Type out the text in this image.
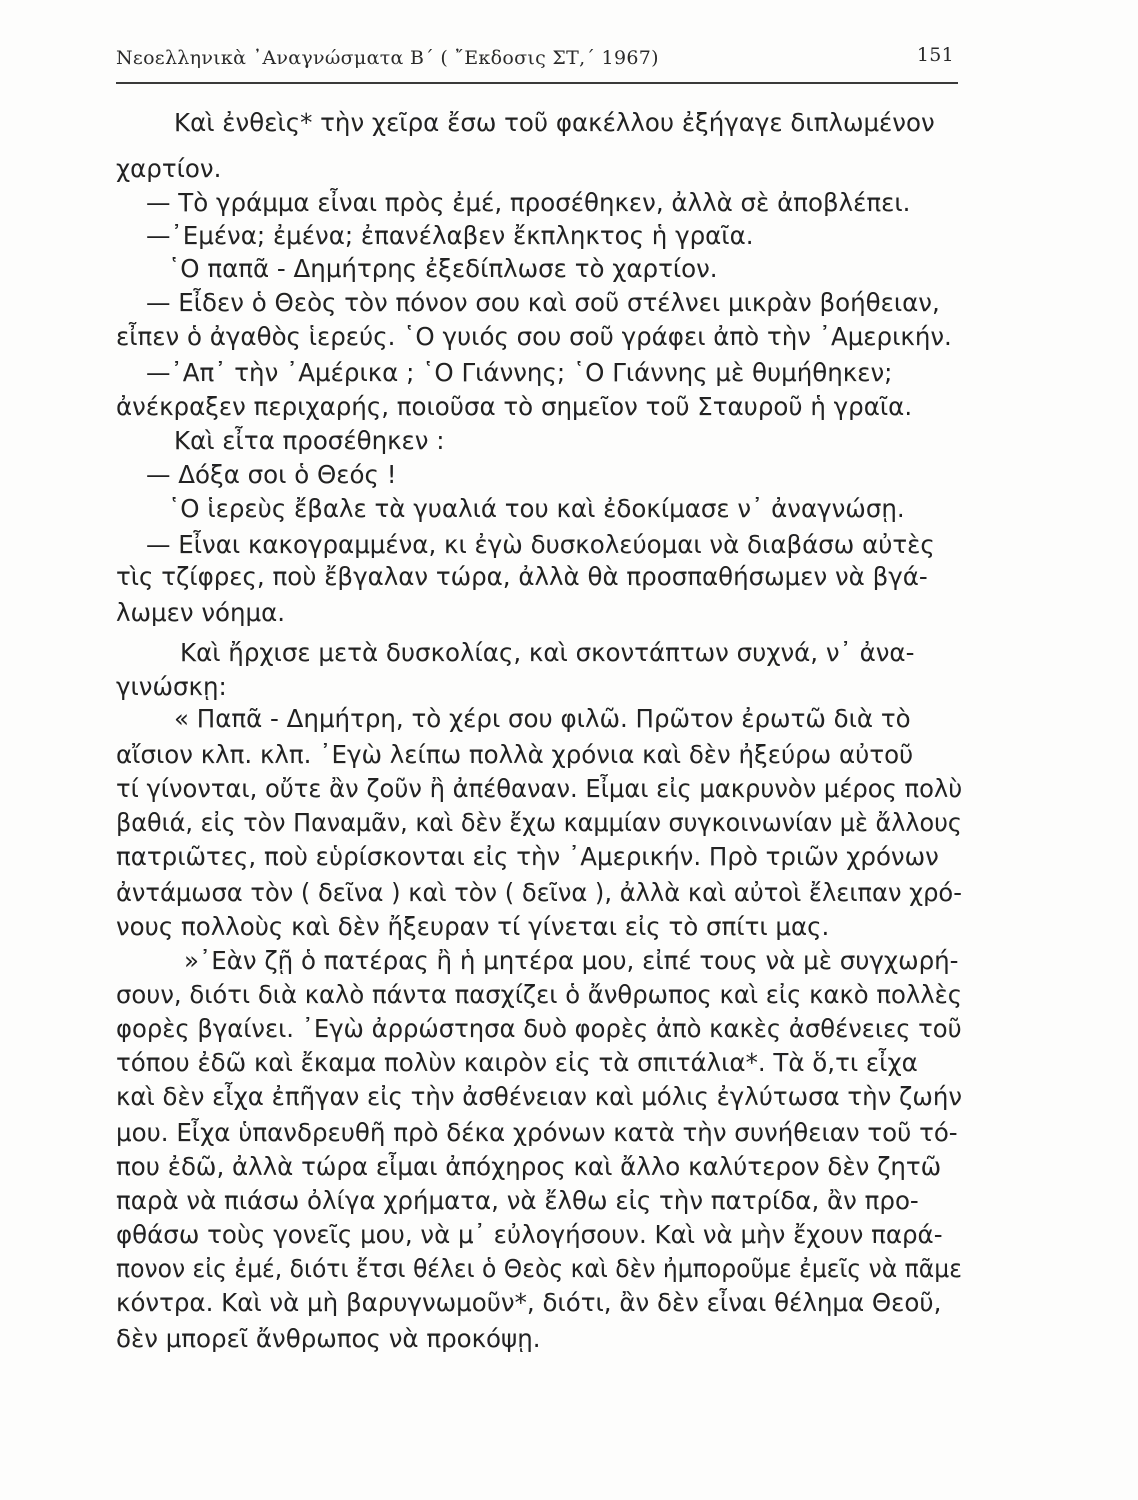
Νεοελληνικὰ ᾿Αναγνώσματα Β΄ ( ῎Εκδοσις ΣΤ,΄ 1967)	151
Καὶ ἐνθεὶς* τὴν χεῖρα ἔσω τοῦ φακέλλου ἐξήγαγε διπλωμένον
χαρτίον.
— Τὸ γράμμα εἶναι πρὸς ἐμέ, προσέθηκεν, ἀλλὰ σὲ ἀποβλέπει.
—᾿Εμένα; ἐμένα; ἐπανέλαβεν ἔκπληκτος ἡ γραῖα.
῾Ο παπᾶ - Δημήτρης ἐξεδίπλωσε τὸ χαρτίον.
— Εἶδεν ὁ Θεὸς τὸν πόνον σου καὶ σοῦ στέλνει μικρὰν βοήθειαν,
εἶπεν ὁ ἀγαθὸς ἱερεύς. ῾Ο γυιός σου σοῦ γράφει ἀπὸ τὴν ᾿Αμερικήν.
—᾿Απ᾿ τὴν ᾿Αμέρικα ; ῾Ο Γιάννης; ῾Ο Γιάννης μὲ θυμήθηκεν;
ἀνέκραξεν περιχαρής, ποιοῦσα τὸ σημεῖον τοῦ Σταυροῦ ἡ γραῖα.
Καὶ εἶτα προσέθηκεν :
— Δόξα σοι ὁ Θεός !
῾Ο ἱερεὺς ἔβαλε τὰ γυαλιά του καὶ ἐδοκίμασε ν᾿ ἀναγνώσῃ.
— Εἶναι κακογραμμένα, κι ἐγὼ δυσκολεύομαι νὰ διαβάσω αὐτὲς
τὶς τζίφρες, ποὺ ἔβγαλαν τώρα, ἀλλὰ θὰ προσπαθήσωμεν νὰ βγά-
λωμεν νόημα.
Καὶ ἤρχισε μετὰ δυσκολίας, καὶ σκοντάπτων συχνά, ν᾿ ἀνα-
γινώσκῃ:
« Παπᾶ - Δημήτρη, τὸ χέρι σου φιλῶ. Πρῶτον ἐρωτῶ διὰ τὸ
αἴσιον κλπ. κλπ. ᾿Εγὼ λείπω πολλὰ χρόνια καὶ δὲν ἠξεύρω αὐτοῦ
τί γίνονται, οὔτε ἂν ζοῦν ἢ ἀπέθαναν. Εἶμαι εἰς μακρυνὸν μέρος πολὺ
βαθιά, εἰς τὸν Παναμᾶν, καὶ δὲν ἔχω καμμίαν συγκοινωνίαν μὲ ἄλλους
πατριῶτες, ποὺ εὑρίσκονται εἰς τὴν ᾿Αμερικήν. Πρὸ τριῶν χρόνων
ἀντάμωσα τὸν ( δεῖνα ) καὶ τὸν ( δεῖνα ), ἀλλὰ καὶ αὐτοὶ ἔλειπαν χρό-
νους πολλοὺς καὶ δὲν ἤξευραν τί γίνεται εἰς τὸ σπίτι μας.
»᾿Εὰν ζῇ ὁ πατέρας ἢ ἡ μητέρα μου, εἰπέ τους νὰ μὲ συγχωρή-
σουν, διότι διὰ καλὸ πάντα πασχίζει ὁ ἄνθρωπος καὶ εἰς κακὸ πολλὲς
φορὲς βγαίνει. ᾿Εγὼ ἀρρώστησα δυὸ φορὲς ἀπὸ κακὲς ἀσθένειες τοῦ
τόπου ἐδῶ καὶ ἔκαμα πολὺν καιρὸν εἰς τὰ σπιτάλια*. Τὰ ὅ,τι εἶχα
καὶ δὲν εἶχα ἐπῆγαν εἰς τὴν ἀσθένειαν καὶ μόλις ἐγλύτωσα τὴν ζωήν
μου. Εἶχα ὑπανδρευθῆ πρὸ δέκα χρόνων κατὰ τὴν συνήθειαν τοῦ τό-
που ἐδῶ, ἀλλὰ τώρα εἶμαι ἀπόχηρος καὶ ἄλλο καλύτερον δὲν ζητῶ
παρὰ νὰ πιάσω ὀλίγα χρήματα, νὰ ἔλθω εἰς τὴν πατρίδα, ἂν προ-
φθάσω τοὺς γονεῖς μου, νὰ μ᾿ εὐλογήσουν. Καὶ νὰ μὴν ἔχουν παρά-
πονον εἰς ἐμέ, διότι ἔτσι θέλει ὁ Θεὸς καὶ δὲν ἠμποροῦμε ἐμεῖς νὰ πᾶμε
κόντρα. Καὶ νὰ μὴ βαρυγνωμοῦν*, διότι, ἂν δὲν εἶναι θέλημα Θεοῦ,
δὲν μπορεῖ ἄνθρωπος νὰ προκόψῃ.
